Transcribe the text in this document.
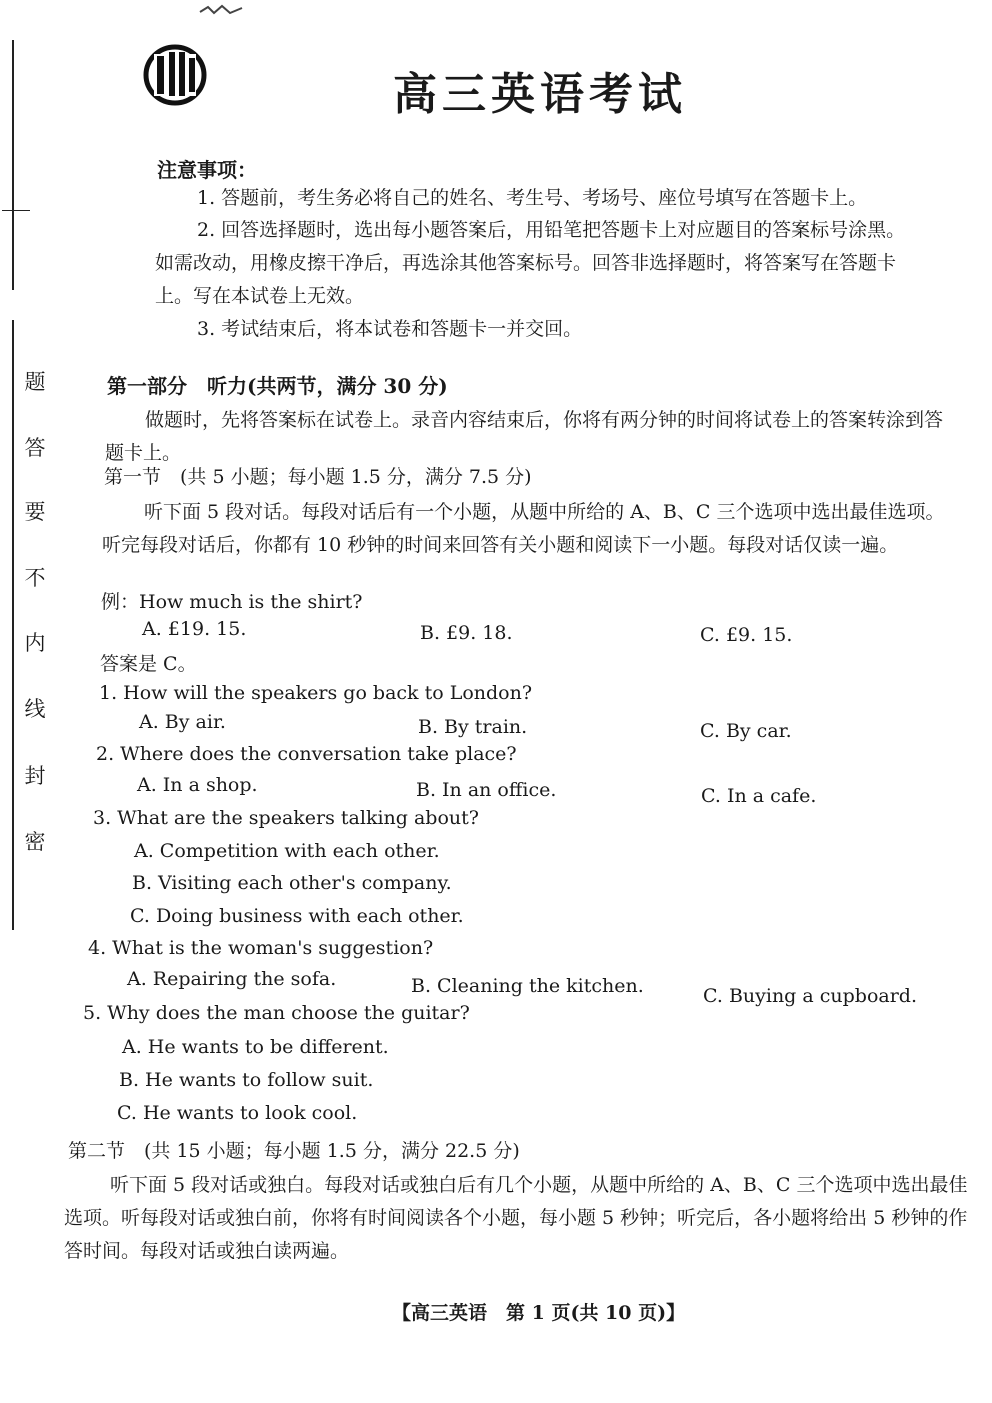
题
答
要
不
内
线
封
密
高三英语考试
注意事项：
1. 答题前，考生务必将自己的姓名、考生号、考场号、座位号填写在答题卡上。
2. 回答选择题时，选出每小题答案后，用铅笔把答题卡上对应题目的答案标号涂黑。如需改动，用橡皮擦干净后，再选涂其他答案标号。回答非选择题时，将答案写在答题卡上。写在本试卷上无效。
3. 考试结束后，将本试卷和答题卡一并交回。
第一部分　听力(共两节，满分 30 分)
做题时，先将答案标在试卷上。录音内容结束后，你将有两分钟的时间将试卷上的答案转涂到答题卡上。
第一节　(共 5 小题；每小题 1.5 分，满分 7.5 分)
听下面 5 段对话。每段对话后有一个小题，从题中所给的 A、B、C 三个选项中选出最佳选项。听完每段对话后，你都有 10 秒钟的时间来回答有关小题和阅读下一小题。每段对话仅读一遍。
例：How much is the shirt?
A. £19. 15.	B. £9. 18.	C. £9. 15.
答案是 C。
1. How will the speakers go back to London?
A. By air.	B. By train.	C. By car.
2. Where does the conversation take place?
A. In a shop.	B. In an office.	C. In a cafe.
3. What are the speakers talking about?
A. Competition with each other.
B. Visiting each other's company.
C. Doing business with each other.
4. What is the woman's suggestion?
A. Repairing the sofa.	B. Cleaning the kitchen.	C. Buying a cupboard.
5. Why does the man choose the guitar?
A. He wants to be different.
B. He wants to follow suit.
C. He wants to look cool.
第二节　(共 15 小题；每小题 1.5 分，满分 22.5 分)
听下面 5 段对话或独白。每段对话或独白后有几个小题，从题中所给的 A、B、C 三个选项中选出最佳选项。听每段对话或独白前，你将有时间阅读各个小题，每小题 5 秒钟；听完后，各小题将给出 5 秒钟的作答时间。每段对话或独白读两遍。
【高三英语　第 1 页(共 10 页)】
